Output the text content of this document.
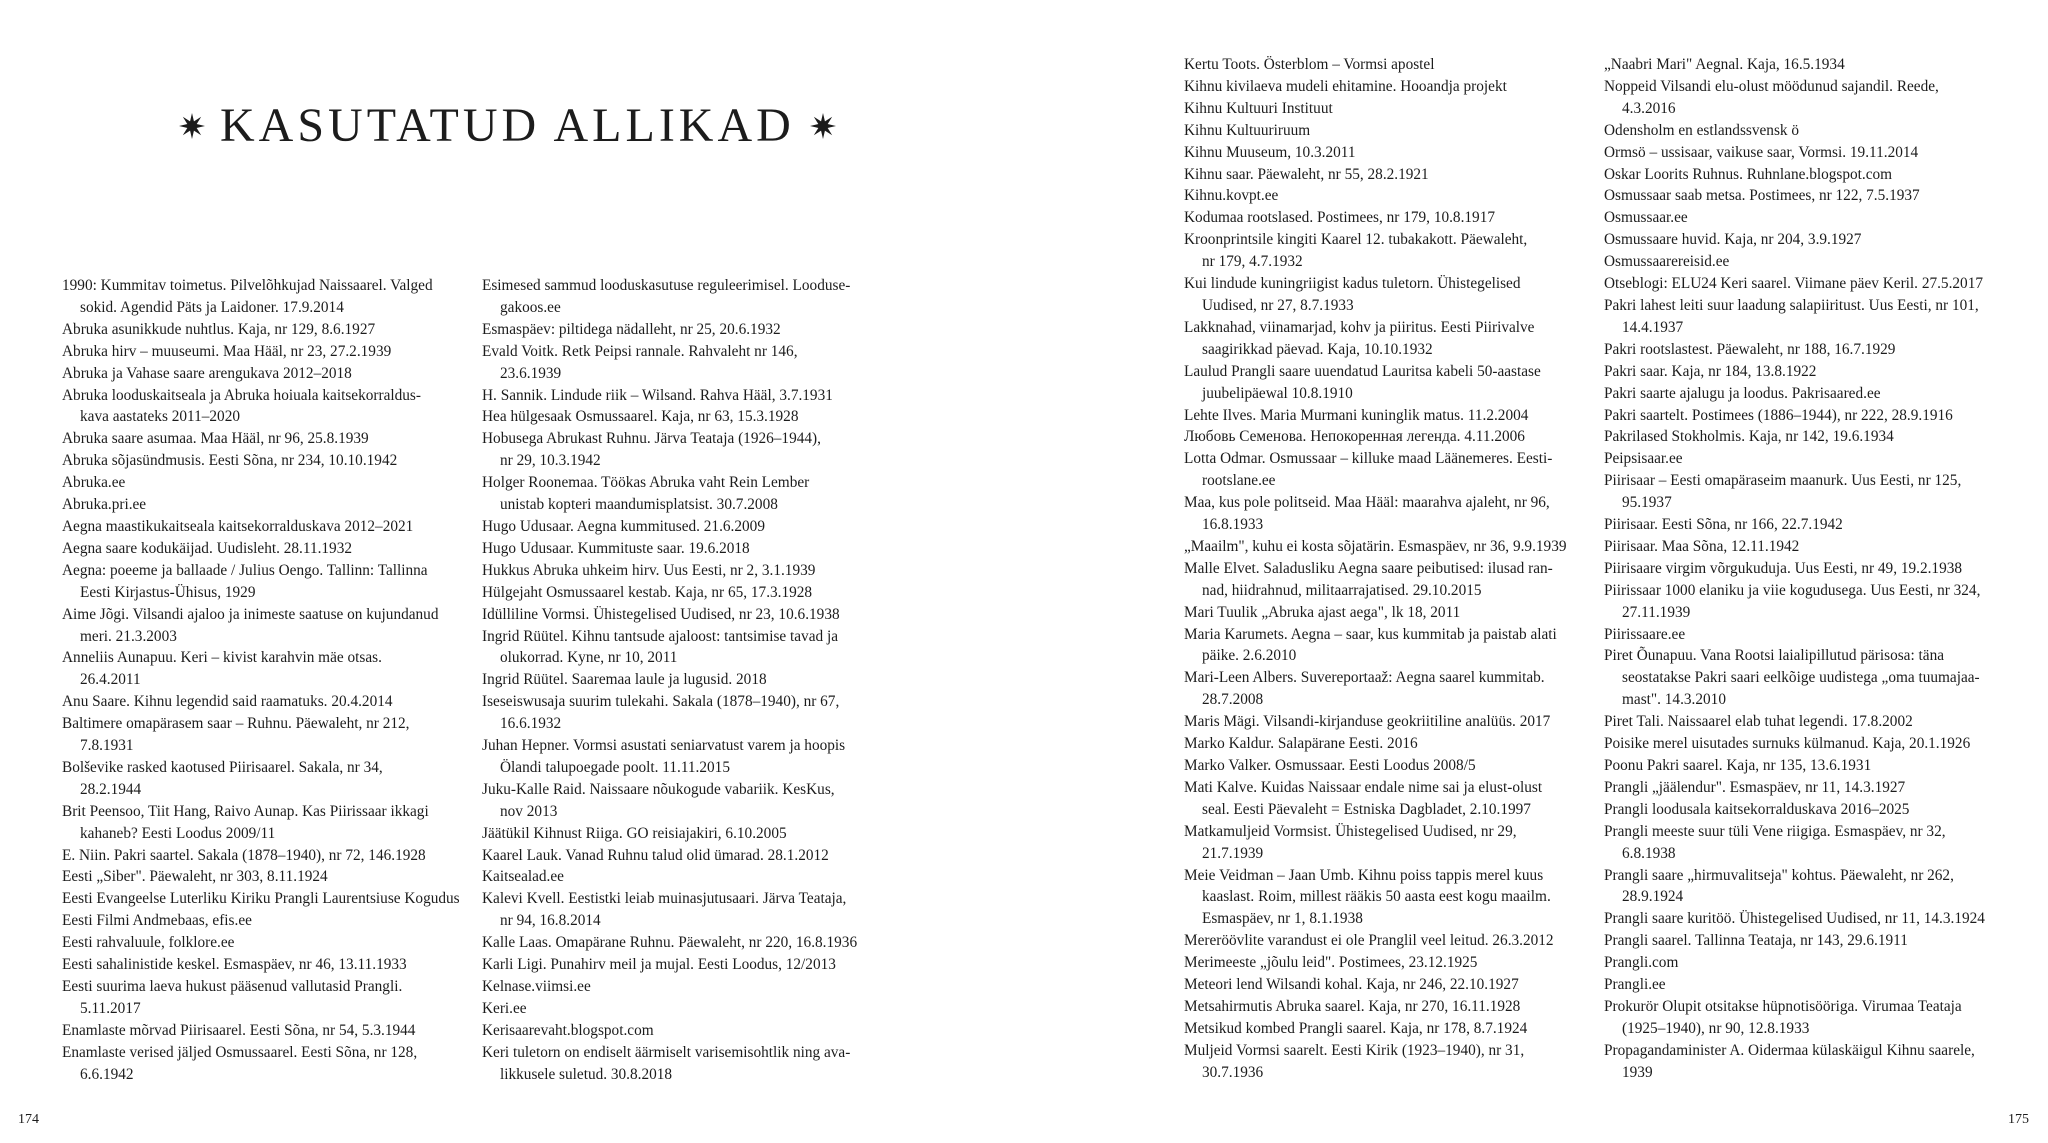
KASUTATUD ALLIKAD
1990: Kummitav toimetus. Pilvelõhkujad Naissaarel. Valged
sokid. Agendid Päts ja Laidoner. 17.9.2014
Abruka asunikkude nuhtlus. Kaja, nr 129, 8.6.1927
Abruka hirv – muuseumi. Maa Hääl, nr 23, 27.2.1939
Abruka ja Vahase saare arengukava 2012–2018
Abruka looduskaitseala ja Abruka hoiuala kaitsekorraldus-
kava aastateks 2011–2020
Abruka saare asumaa. Maa Hääl, nr 96, 25.8.1939
Abruka sõjasündmusis. Eesti Sõna, nr 234, 10.10.1942
Abruka.ee
Abruka.pri.ee
Aegna maastikukaitseala kaitsekorralduskava 2012–2021
Aegna saare kodukäijad. Uudisleht. 28.11.1932
Aegna: poeeme ja ballaade / Julius Oengo. Tallinn: Tallinna
Eesti Kirjastus-Ühisus, 1929
Aime Jõgi. Vilsandi ajaloo ja inimeste saatuse on kujundanud
meri. 21.3.2003
Anneliis Aunapuu. Keri – kivist karahvin mäe otsas.
26.4.2011
Anu Saare. Kihnu legendid said raamatuks. 20.4.2014
Baltimere omapärasem saar – Ruhnu. Päewaleht, nr 212,
7.8.1931
Bolševike rasked kaotused Piirisaarel. Sakala, nr 34,
28.2.1944
Brit Peensoo, Tiit Hang, Raivo Aunap. Kas Piirissaar ikkagi
kahaneb? Eesti Loodus 2009/11
E. Niin. Pakri saartel. Sakala (1878–1940), nr 72, 146.1928
Eesti „Siber". Päewaleht, nr 303, 8.11.1924
Eesti Evangeelse Luterliku Kiriku Prangli Laurentsiuse Kogudus
Eesti Filmi Andmebaas, efis.ee
Eesti rahvaluule, folklore.ee
Eesti sahalinistide keskel. Esmaspäev, nr 46, 13.11.1933
Eesti suurima laeva hukust pääsenud vallutasid Prangli.
5.11.2017
Enamlaste mõrvad Piirisaarel. Eesti Sõna, nr 54, 5.3.1944
Enamlaste verised jäljed Osmussaarel. Eesti Sõna, nr 128,
6.6.1942
Esimesed sammud looduskasutuse reguleerimisel. Looduse-
gakoos.ee
Esmaspäev: piltidega nädalleht, nr 25, 20.6.1932
Evald Voitk. Retk Peipsi rannale. Rahvaleht nr 146,
23.6.1939
H. Sannik. Lindude riik – Wilsand. Rahva Hääl, 3.7.1931
Hea hülgesaak Osmussaarel. Kaja, nr 63, 15.3.1928
Hobusega Abrukast Ruhnu. Järva Teataja (1926–1944),
nr 29, 10.3.1942
Holger Roonemaa. Töökas Abruka vaht Rein Lember
unistab kopteri maandumisplatsist. 30.7.2008
Hugo Udusaar. Aegna kummitused. 21.6.2009
Hugo Udusaar. Kummituste saar. 19.6.2018
Hukkus Abruka uhkeim hirv. Uus Eesti, nr 2, 3.1.1939
Hülgejaht Osmussaarel kestab. Kaja, nr 65, 17.3.1928
Idülliline Vormsi. Ühistegelised Uudised, nr 23, 10.6.1938
Ingrid Rüütel. Kihnu tantsude ajaloost: tantsimise tavad ja
olukorrad. Kyne, nr 10, 2011
Ingrid Rüütel. Saaremaa laule ja lugusid. 2018
Iseseiswusaja suurim tulekahi. Sakala (1878–1940), nr 67,
16.6.1932
Juhan Hepner. Vormsi asustati seniarvatust varem ja hoopis
Ölandi talupoegade poolt. 11.11.2015
Juku-Kalle Raid. Naissaare nõukogude vabariik. KesKus,
nov 2013
Jäätükil Kihnust Riiga. GO reisiajakiri, 6.10.2005
Kaarel Lauk. Vanad Ruhnu talud olid ümarad. 28.1.2012
Kaitsealad.ee
Kalevi Kvell. Eestistki leiab muinasjutusaari. Järva Teataja,
nr 94, 16.8.2014
Kalle Laas. Omapärane Ruhnu. Päewaleht, nr 220, 16.8.1936
Karli Ligi. Punahirv meil ja mujal. Eesti Loodus, 12/2013
Kelnase.viimsi.ee
Keri.ee
Kerisaarevaht.blogspot.com
Keri tuletorn on endiselt äärmiselt varisemisohtlik ning ava-
likkusele suletud. 30.8.2018
Kertu Toots. Österblom – Vormsi apostel
Kihnu kivilaeva mudeli ehitamine. Hooandja projekt
Kihnu Kultuuri Instituut
Kihnu Kultuuriruum
Kihnu Muuseum, 10.3.2011
Kihnu saar. Päewaleht, nr 55, 28.2.1921
Kihnu.kovpt.ee
Kodumaa rootslased. Postimees, nr 179, 10.8.1917
Kroonprintsile kingiti Kaarel 12. tubakakott. Päewaleht,
nr 179, 4.7.1932
Kui lindude kuningriigist kadus tuletorn. Ühistegelised
Uudised, nr 27, 8.7.1933
Lakknahad, viinamarjad, kohv ja piiritus. Eesti Piirivalve
saagirikkad päevad. Kaja, 10.10.1932
Laulud Prangli saare uuendatud Lauritsa kabeli 50-aastase
juubelipäewal 10.8.1910
Lehte Ilves. Maria Murmani kuninglik matus. 11.2.2004
Любовь Семенова. Непокоренная легенда. 4.11.2006
Lotta Odmar. Osmussaar – killuke maad Läänemeres. Eesti-
rootslane.ee
Maa, kus pole politseid. Maa Hääl: maarahva ajaleht, nr 96,
16.8.1933
„Maailm", kuhu ei kosta sõjatärin. Esmaspäev, nr 36, 9.9.1939
Malle Elvet. Saladusliku Aegna saare peibutised: ilusad ran-
nad, hiidrahnud, militaarrajatised. 29.10.2015
Mari Tuulik „Abruka ajast aega", lk 18, 2011
Maria Karumets. Aegna – saar, kus kummitab ja paistab alati
päike. 2.6.2010
Mari-Leen Albers. Suvereportaaž: Aegna saarel kummitab.
28.7.2008
Maris Mägi. Vilsandi-kirjanduse geokriitiline analüüs. 2017
Marko Kaldur. Salapärane Eesti. 2016
Marko Valker. Osmussaar. Eesti Loodus 2008/5
Mati Kalve. Kuidas Naissaar endale nime sai ja elust-olust
seal. Eesti Päevaleht = Estniska Dagbladet, 2.10.1997
Matkamuljeid Vormsist. Ühistegelised Uudised, nr 29,
21.7.1939
Meie Veidman – Jaan Umb. Kihnu poiss tappis merel kuus
kaaslast. Roim, millest rääkis 50 aasta eest kogu maailm.
Esmaspäev, nr 1, 8.1.1938
Mereröövlite varandust ei ole Pranglil veel leitud. 26.3.2012
Merimeeste „jõulu leid". Postimees, 23.12.1925
Meteori lend Wilsandi kohal. Kaja, nr 246, 22.10.1927
Metsahirmutis Abruka saarel. Kaja, nr 270, 16.11.1928
Metsikud kombed Prangli saarel. Kaja, nr 178, 8.7.1924
Muljeid Vormsi saarelt. Eesti Kirik (1923–1940), nr 31,
30.7.1936
„Naabri Mari" Aegnal. Kaja, 16.5.1934
Noppeid Vilsandi elu-olust möödunud sajandil. Reede,
4.3.2016
Odensholm en estlandssvensk ö
Ormsö – ussisaar, vaikuse saar, Vormsi. 19.11.2014
Oskar Loorits Ruhnus. Ruhnlane.blogspot.com
Osmussaar saab metsa. Postimees, nr 122, 7.5.1937
Osmussaar.ee
Osmussaare huvid. Kaja, nr 204, 3.9.1927
Osmussaarereisid.ee
Otseblogi: ELU24 Keri saarel. Viimane päev Keril. 27.5.2017
Pakri lahest leiti suur laadung salapiiritust. Uus Eesti, nr 101,
14.4.1937
Pakri rootslastest. Päewaleht, nr 188, 16.7.1929
Pakri saar. Kaja, nr 184, 13.8.1922
Pakri saarte ajalugu ja loodus. Pakrisaared.ee
Pakri saartelt. Postimees (1886–1944), nr 222, 28.9.1916
Pakrilased Stokholmis. Kaja, nr 142, 19.6.1934
Peipsisaar.ee
Piirisaar – Eesti omapäraseim maanurk. Uus Eesti, nr 125,
95.1937
Piirisaar. Eesti Sõna, nr 166, 22.7.1942
Piirisaar. Maa Sõna, 12.11.1942
Piirisaare virgim võrgukuduja. Uus Eesti, nr 49, 19.2.1938
Piirissaar 1000 elaniku ja viie kogudusega. Uus Eesti, nr 324,
27.11.1939
Piirissaare.ee
Piret Õunapuu. Vana Rootsi laialipillutud pärisosa: täna
seostatakse Pakri saari eelkõige uudistega „oma tuumajaa-
mast". 14.3.2010
Piret Tali. Naissaarel elab tuhat legendi. 17.8.2002
Poisike merel uisutades surnuks külmanud. Kaja, 20.1.1926
Poonu Pakri saarel. Kaja, nr 135, 13.6.1931
Prangli „jäälendur". Esmaspäev, nr 11, 14.3.1927
Prangli loodusala kaitsekorralduskava 2016–2025
Prangli meeste suur tüli Vene riigiga. Esmaspäev, nr 32,
6.8.1938
Prangli saare „hirmuvalitseja" kohtus. Päewaleht, nr 262,
28.9.1924
Prangli saare kuritöö. Ühistegelised Uudised, nr 11, 14.3.1924
Prangli saarel. Tallinna Teataja, nr 143, 29.6.1911
Prangli.com
Prangli.ee
Prokurör Olupit otsitakse hüpnotisööriga. Virumaa Teataja
(1925–1940), nr 90, 12.8.1933
Propagandaminister A. Oidermaa külaskäigul Kihnu saarele,
1939
174	175
